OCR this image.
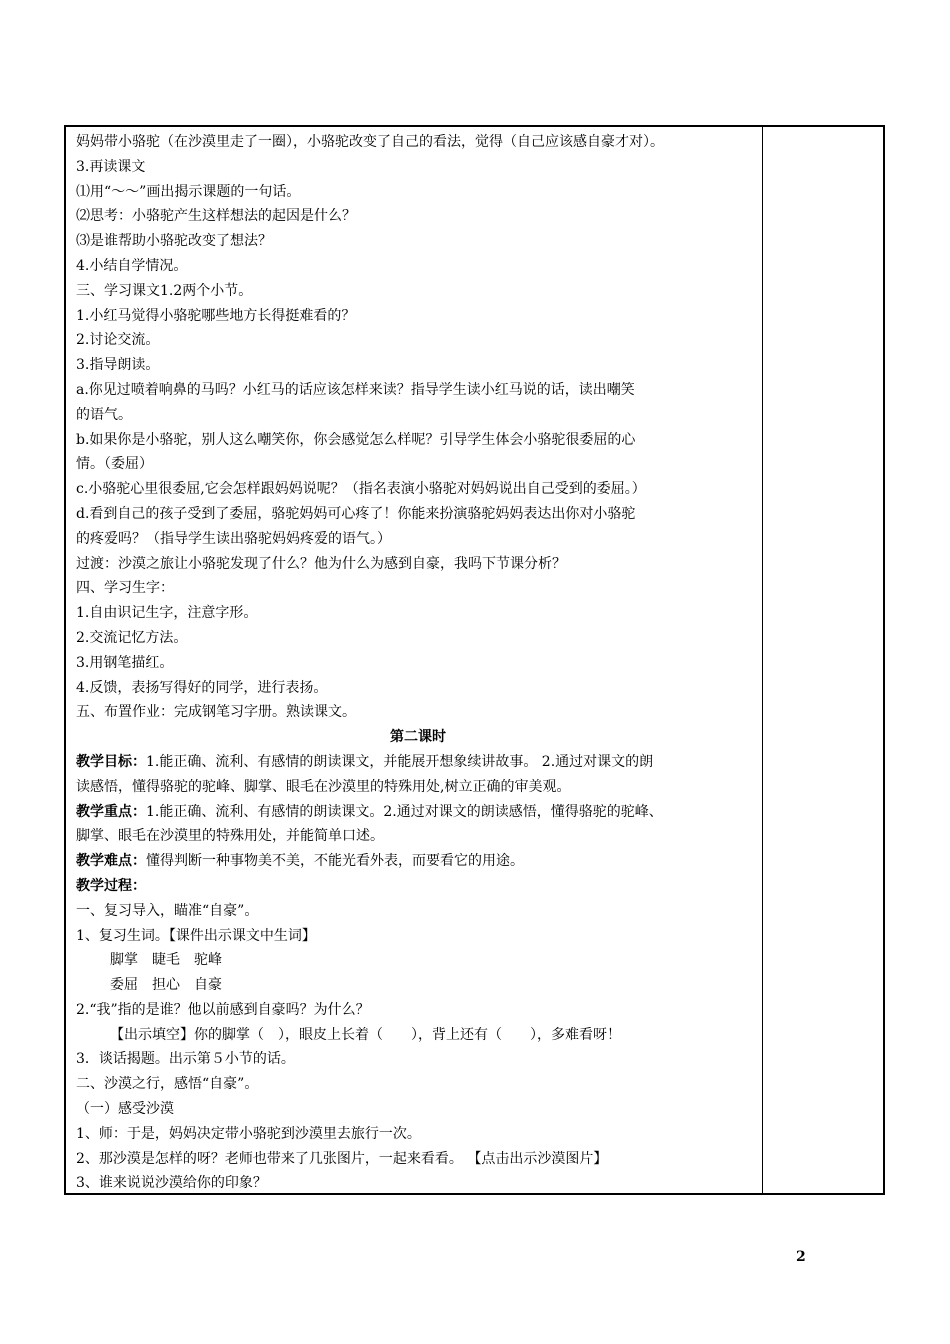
妈妈带小骆驼（在沙漠里走了一圈），小骆驼改变了自己的看法，觉得（自己应该感自豪才对）。
3.再读课文
⑴用“～～”画出揭示课题的一句话。
⑵思考：小骆驼产生这样想法的起因是什么？
⑶是谁帮助小骆驼改变了想法？
4.小结自学情况。
三、学习课文1.2两个小节。
1.小红马觉得小骆驼哪些地方长得挺难看的？
2.讨论交流。
3.指导朗读。
a.你见过喷着响鼻的马吗？小红马的话应该怎样来读？指导学生读小红马说的话，读出嘲笑
的语气。
b.如果你是小骆驼，别人这么嘲笑你，你会感觉怎么样呢？引导学生体会小骆驼很委屈的心
情。（委屈）
c.小骆驼心里很委屈,它会怎样跟妈妈说呢？（指名表演小骆驼对妈妈说出自己受到的委屈。）
d.看到自己的孩子受到了委屈，骆驼妈妈可心疼了！你能来扮演骆驼妈妈表达出你对小骆驼
的疼爱吗？（指导学生读出骆驼妈妈疼爱的语气。）
过渡：沙漠之旅让小骆驼发现了什么？他为什么为感到自豪，我吗下节课分析？
四、学习生字：
1.自由识记生字，注意字形。
2.交流记忆方法。
3.用钢笔描红。
4.反馈，表扬写得好的同学，进行表扬。
五、布置作业：完成钢笔习字册。熟读课文。
第二课时
教学目标：1.能正确、流利、有感情的朗读课文，并能展开想象续讲故事。 2.通过对课文的朗
读感悟，懂得骆驼的驼峰、脚掌、眼毛在沙漠里的特殊用处,树立正确的审美观。
教学重点：1.能正确、流利、有感情的朗读课文。2.通过对课文的朗读感悟，懂得骆驼的驼峰、
脚掌、眼毛在沙漠里的特殊用处，并能简单口述。
教学难点：懂得判断一种事物美不美，不能光看外表，而要看它的用途。
教学过程：
一、复习导入，瞄准“自豪”。
1、复习生词。【课件出示课文中生词】
脚掌　睫毛　驼峰
委屈　担心　自豪
2.“我”指的是谁？他以前感到自豪吗？为什么？
【出示填空】你的脚掌（　），眼皮上长着（　　），背上还有（　　），多难看呀！
3．谈话揭题。出示第５小节的话。
二、沙漠之行，感悟“自豪”。
（一）感受沙漠
1、师：于是，妈妈决定带小骆驼到沙漠里去旅行一次。
2、那沙漠是怎样的呀？老师也带来了几张图片，一起来看看。 【点击出示沙漠图片】
3、谁来说说沙漠给你的印象？
2
